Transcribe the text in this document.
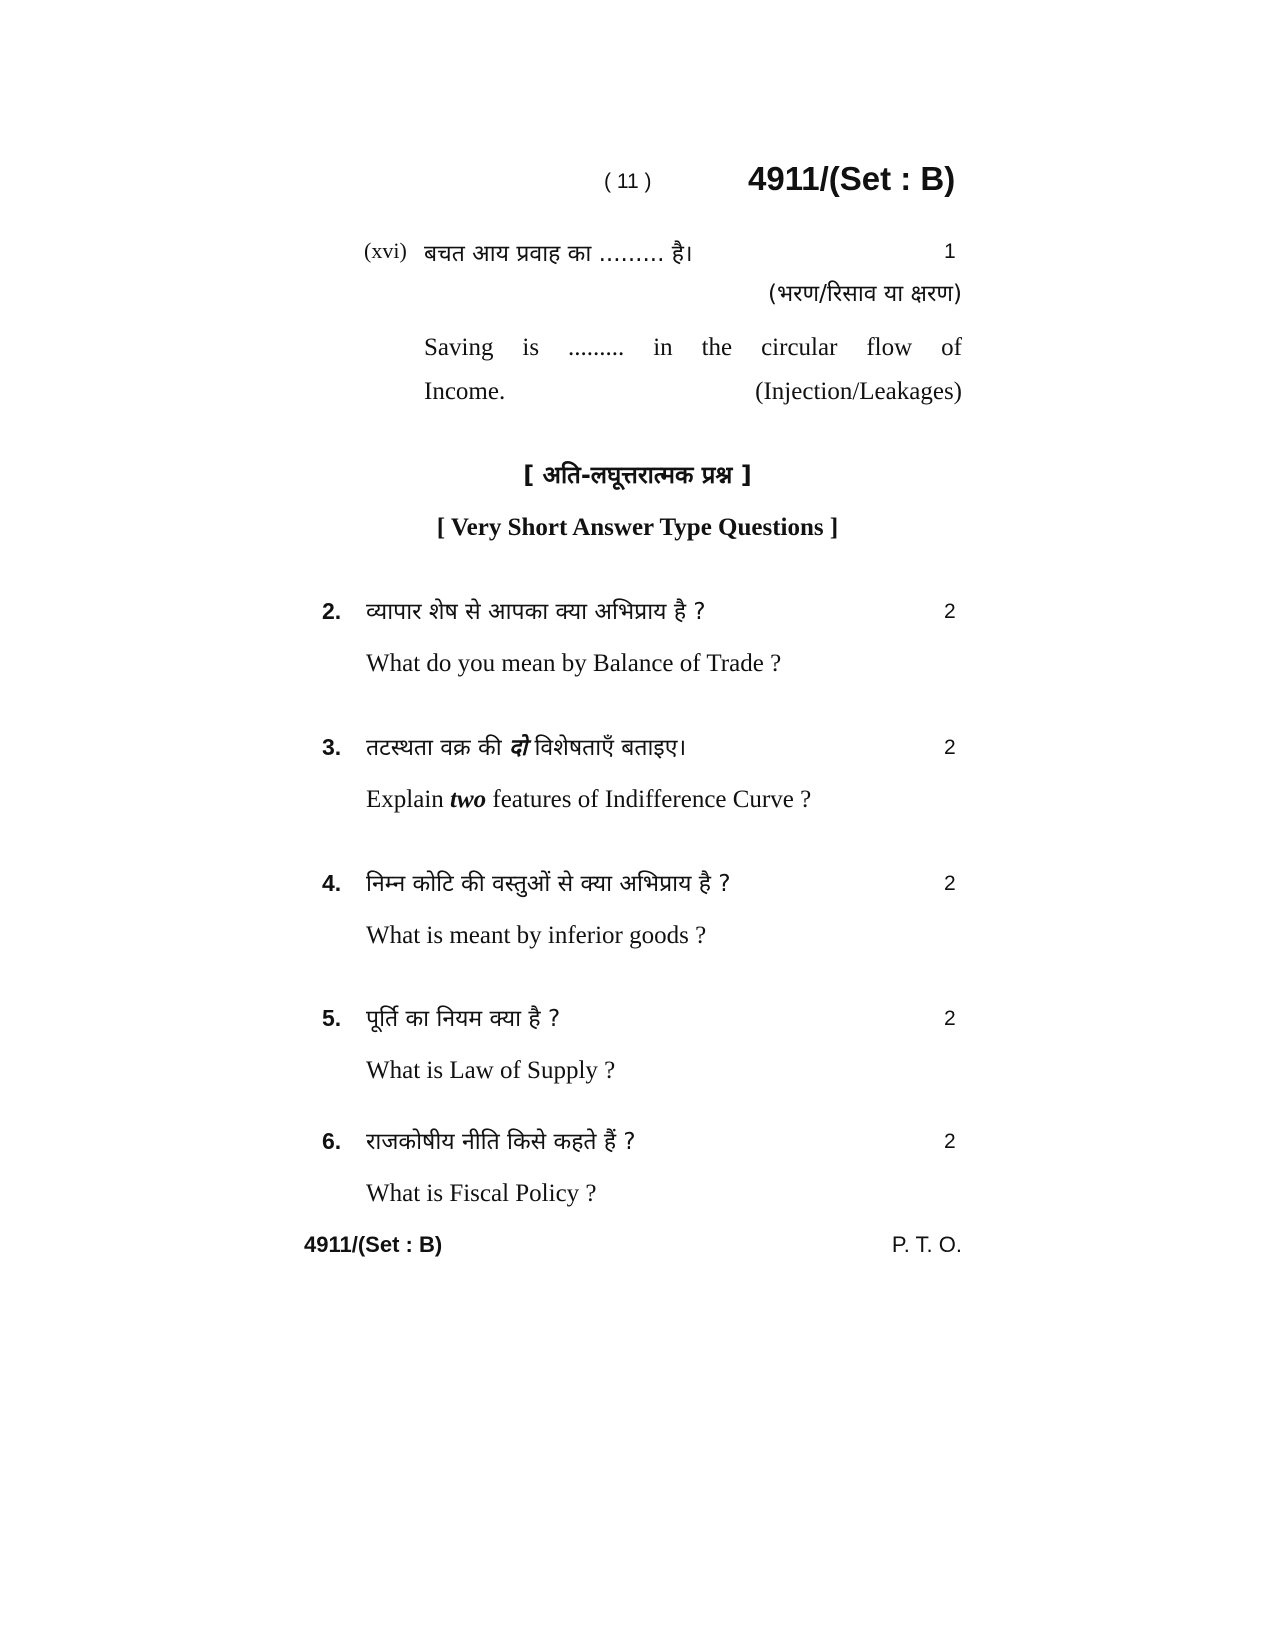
( 11 )	4911/(Set : B)
(xvi) बचत आय प्रवाह का ......... है।	1
(भरण/रिसाव या क्षरण)
Saving is ......... in the circular flow of
Income.	(Injection/Leakages)
[ अति-लघूत्तरात्मक प्रश्न ]
[ Very Short Answer Type Questions ]
2. व्यापार शेष से आपका क्या अभिप्राय है ?	2
What do you mean by Balance of Trade ?
3. तटस्थता वक्र की दो विशेषताएँ बताइए।	2
Explain two features of Indifference Curve ?
4. निम्न कोटि की वस्तुओं से क्या अभिप्राय है ?	2
What is meant by inferior goods ?
5. पूर्ति का नियम क्या है ?	2
What is Law of Supply ?
6. राजकोषीय नीति किसे कहते हैं ?	2
What is Fiscal Policy ?
4911/(Set : B)	P. T. O.
